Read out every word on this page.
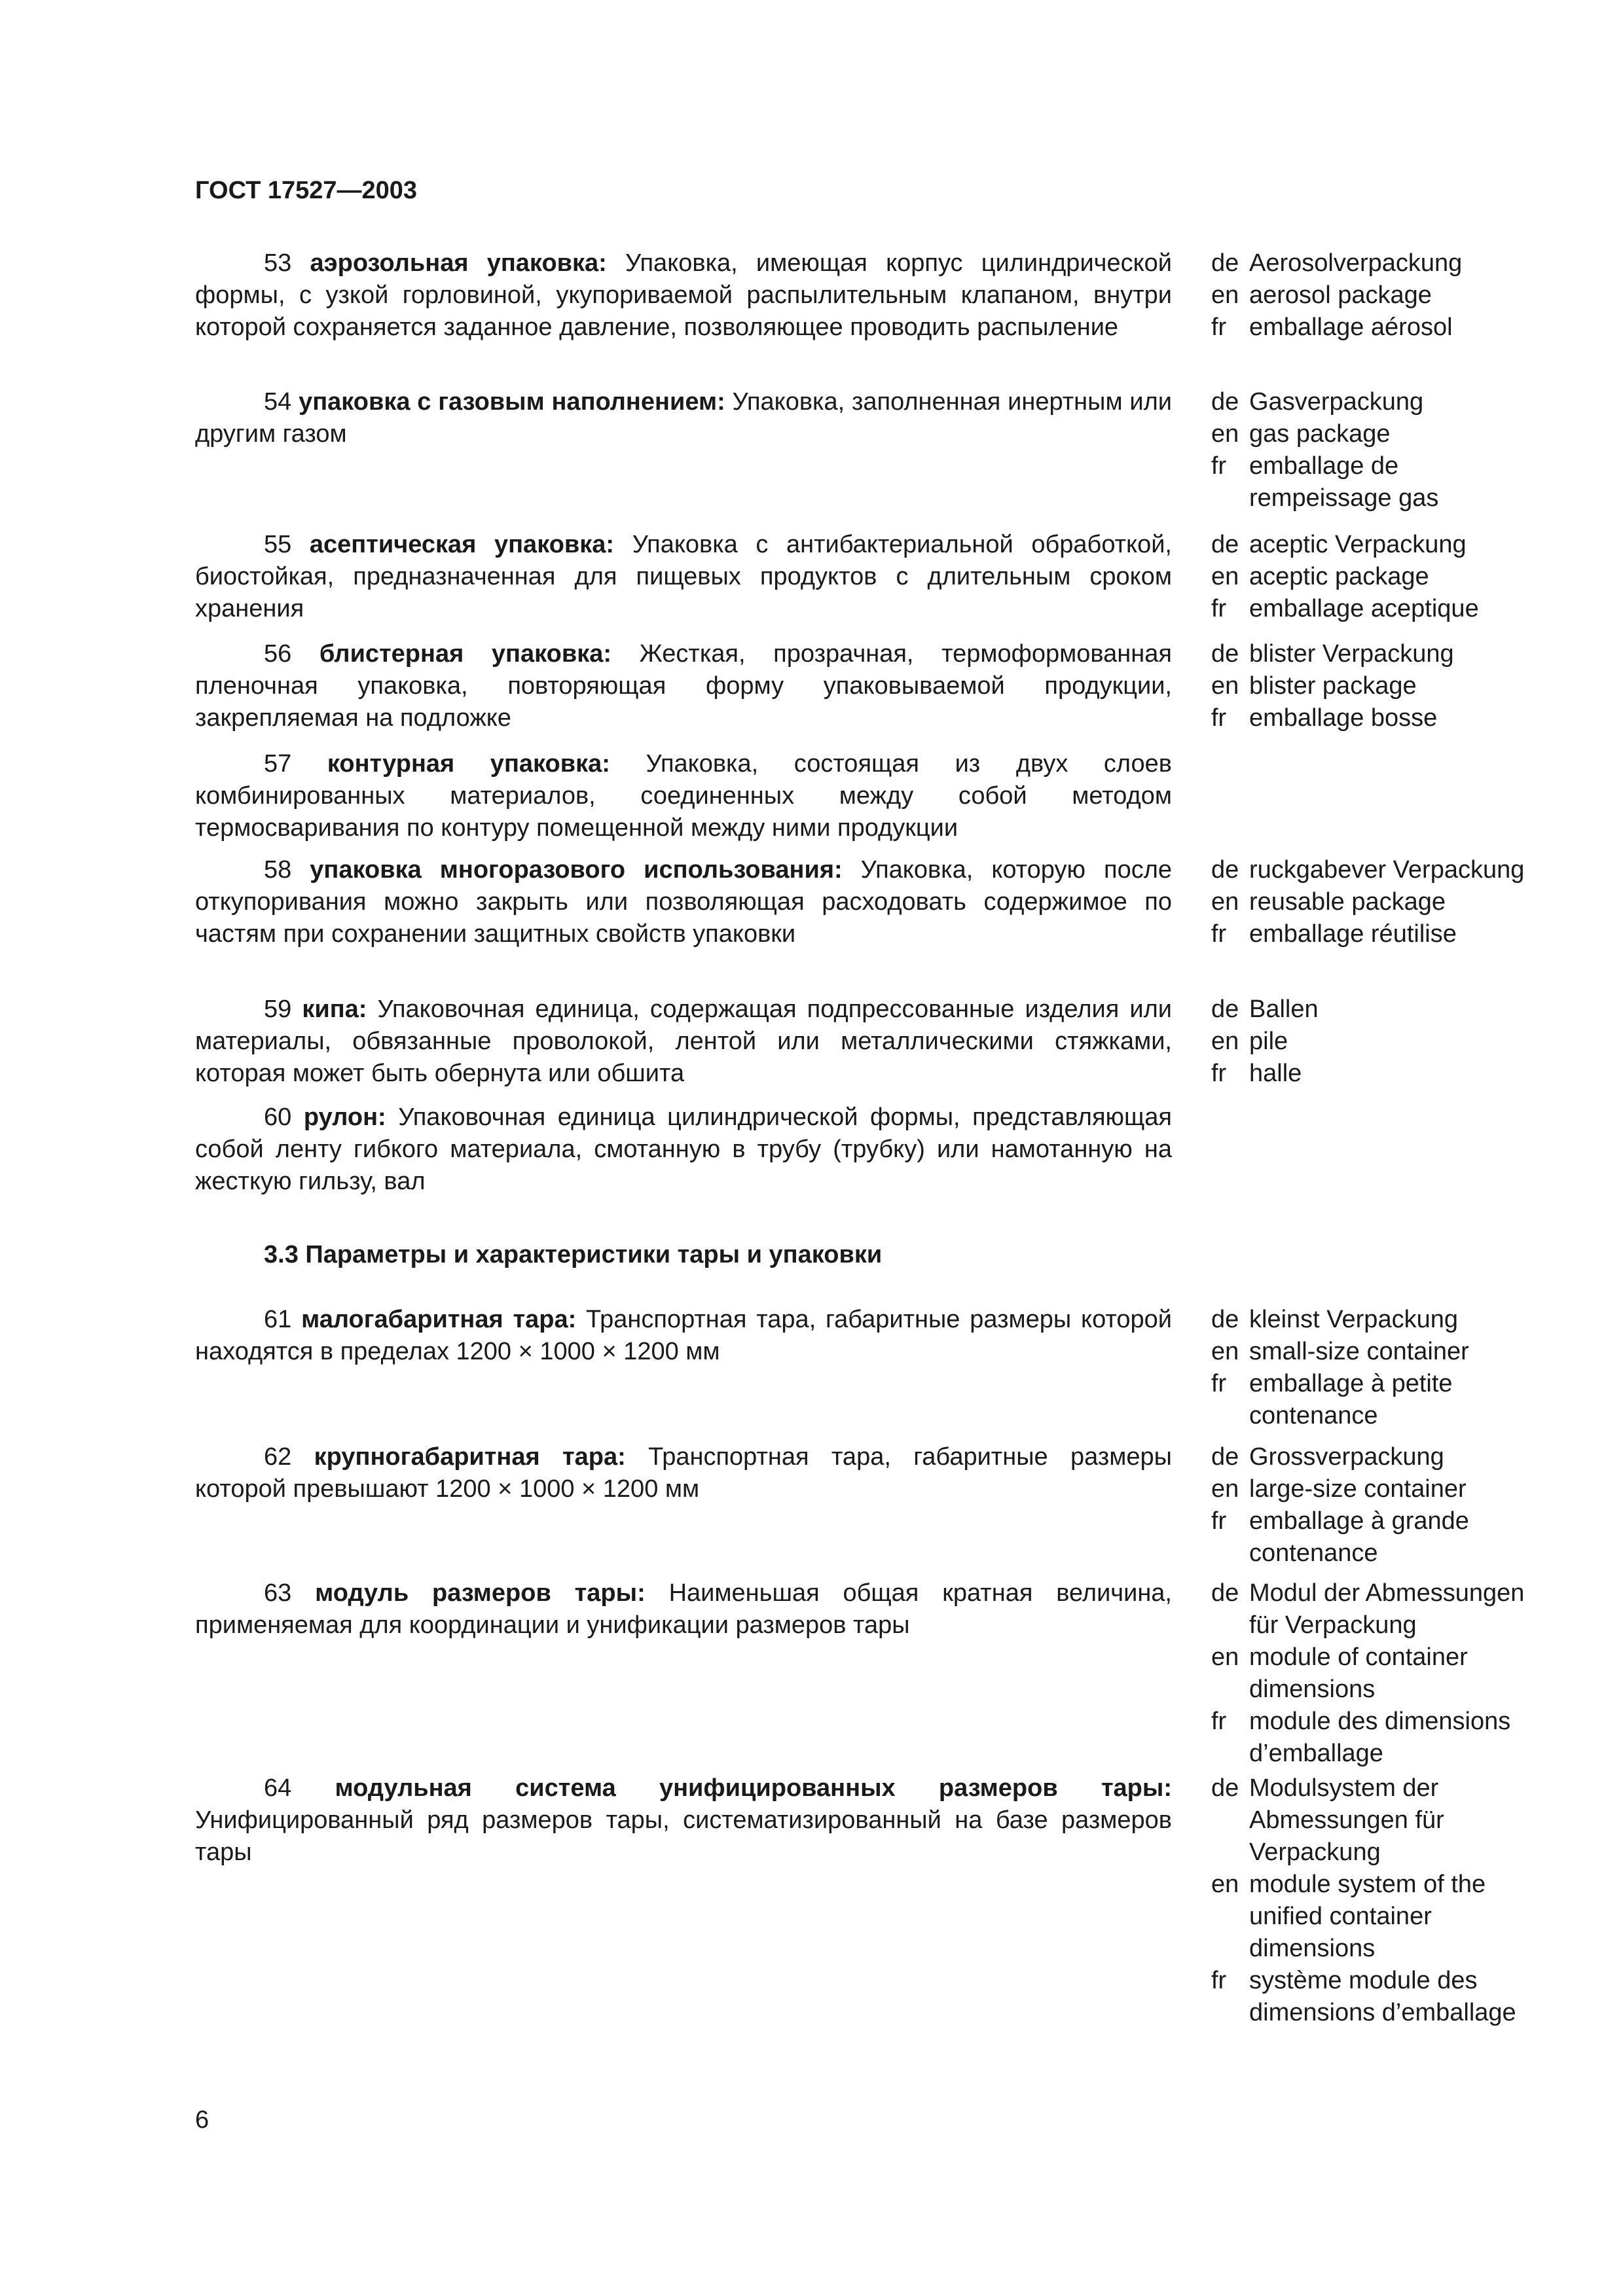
ГОСТ 17527—2003
53 аэрозольная упаковка: Упаковка, имеющая корпус цилиндрической формы, с узкой горловиной, укупориваемой распылительным клапаном, внутри которой сохраняется заданное давление, позволяющее проводить распыление
de Aerosolverpackung
en aerosol package
fr emballage aérosol
54 упаковка с газовым наполнением: Упаковка, заполненная инертным или другим газом
de Gasverpackung
en gas package
fr emballage de rempeissage gas
55 асептическая упаковка: Упаковка с антибактериальной обработкой, биостойкая, предназначенная для пищевых продуктов с длительным сроком хранения
de aceptic Verpackung
en aceptic package
fr emballage aceptique
56 блистерная упаковка: Жесткая, прозрачная, термоформованная пленочная упаковка, повторяющая форму упаковываемой продукции, закрепляемая на подложке
de blister Verpackung
en blister package
fr emballage bosse
57 контурная упаковка: Упаковка, состоящая из двух слоев комбинированных материалов, соединенных между собой методом термосваривания по контуру помещенной между ними продукции
58 упаковка многоразового использования: Упаковка, которую после откупоривания можно закрыть или позволяющая расходовать содержимое по частям при сохранении защитных свойств упаковки
de ruckgabever Verpackung
en reusable package
fr emballage réutilise
59 кипа: Упаковочная единица, содержащая подпрессованные изделия или материалы, обвязанные проволокой, лентой или металлическими стяжками, которая может быть обернута или обшита
de Ballen
en pile
fr halle
60 рулон: Упаковочная единица цилиндрической формы, представляющая собой ленту гибкого материала, смотанную в трубу (трубку) или намотанную на жесткую гильзу, вал
3.3 Параметры и характеристики тары и упаковки
61 малогабаритная тара: Транспортная тара, габаритные размеры которой находятся в пределах 1200 × 1000 × 1200 мм
de kleinst Verpackung
en small-size container
fr emballage à petite contenance
62 крупногабаритная тара: Транспортная тара, габаритные размеры которой превышают 1200 × 1000 × 1200 мм
de Grossverpackung
en large-size container
fr emballage à grande contenance
63 модуль размеров тары: Наименьшая общая кратная величина, применяемая для координации и унификации размеров тары
de Modul der Abmessungen für Verpackung
en module of container dimensions
fr module des dimensions d’emballage
64 модульная система унифицированных размеров тары: Унифицированный ряд размеров тары, систематизированный на базе размеров тары
de Modulsystem der Abmessungen für Verpackung
en module system of the unified container dimensions
fr système module des dimensions d’emballage
6
